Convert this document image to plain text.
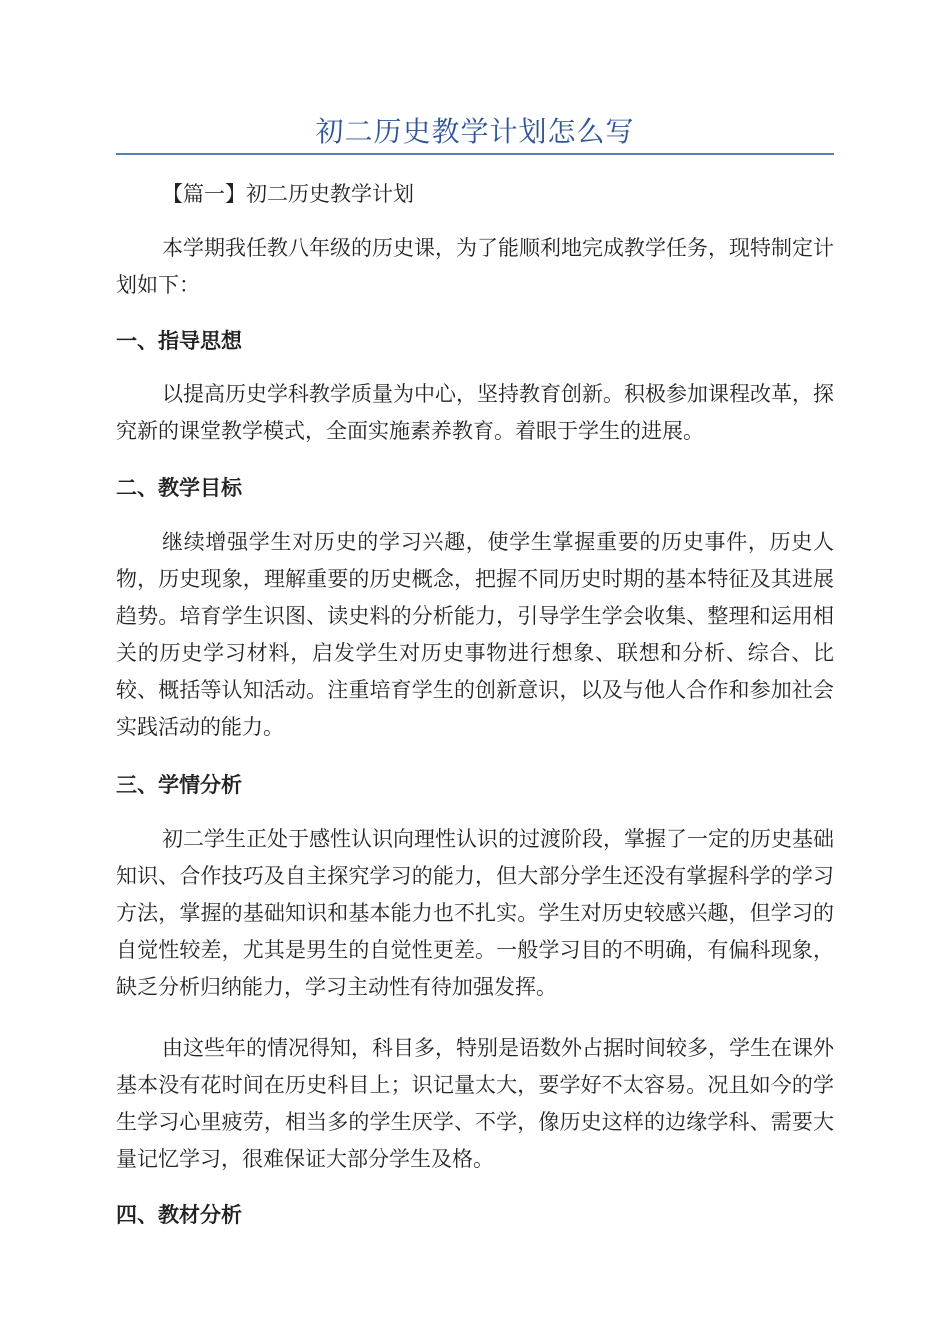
初二历史教学计划怎么写
【篇一】初二历史教学计划
本学期我任教八年级的历史课，为了能顺利地完成教学任务，现特制定计划如下：
一、指导思想
以提高历史学科教学质量为中心，坚持教育创新。积极参加课程改革，探究新的课堂教学模式，全面实施素养教育。着眼于学生的进展。
二、教学目标
继续增强学生对历史的学习兴趣，使学生掌握重要的历史事件，历史人物，历史现象，理解重要的历史概念，把握不同历史时期的基本特征及其进展趋势。培育学生识图、读史料的分析能力，引导学生学会收集、整理和运用相关的历史学习材料，启发学生对历史事物进行想象、联想和分析、综合、比较、概括等认知活动。注重培育学生的创新意识，以及与他人合作和参加社会实践活动的能力。
三、学情分析
初二学生正处于感性认识向理性认识的过渡阶段，掌握了一定的历史基础知识、合作技巧及自主探究学习的能力，但大部分学生还没有掌握科学的学习方法，掌握的基础知识和基本能力也不扎实。学生对历史较感兴趣，但学习的自觉性较差，尤其是男生的自觉性更差。一般学习目的不明确，有偏科现象，缺乏分析归纳能力，学习主动性有待加强发挥。
由这些年的情况得知，科目多，特别是语数外占据时间较多，学生在课外基本没有花时间在历史科目上；识记量太大，要学好不太容易。况且如今的学生学习心里疲劳，相当多的学生厌学、不学，像历史这样的边缘学科、需要大量记忆学习，很难保证大部分学生及格。
四、教材分析
